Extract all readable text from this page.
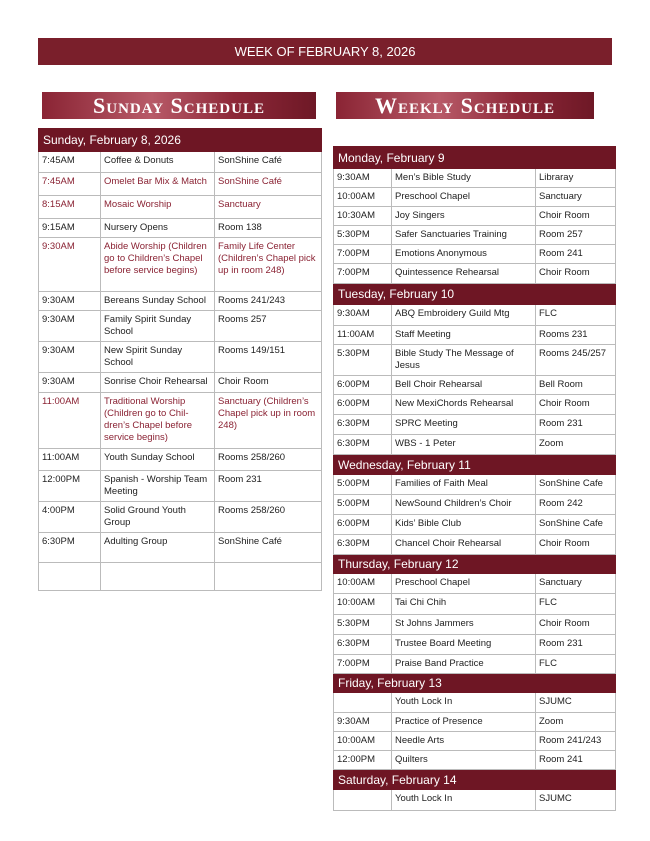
WEEK OF FEBRUARY 8, 2026
Sunday Schedule	Weekly Schedule
Sunday, February 8, 2026		
7:45AM	Coffee & Donuts	SonShine Café
7:45AM	Omelet Bar Mix & Match	SonShine Café
8:15AM	Mosaic Worship	Sanctuary
9:15AM	Nursery Opens	Room 138
9:30AM	Abide Worship (Children go to Children’s Chapel before service begins)	Family Life Center (Children’s Chapel pick up in room 248)
9:30AM	Bereans Sunday School	Rooms 241/243
9:30AM	Family Spirit Sunday School	Rooms 257
9:30AM	New Spirit Sunday School	Rooms 149/151
9:30AM	Sonrise Choir Rehearsal	Choir Room
11:00AM	Traditional Worship (Children go to Chil-dren’s Chapel before service begins)	Sanctuary (Children’s Chapel pick up in room 248)
11:00AM	Youth Sunday School	Rooms 258/260
12:00PM	Spanish - Worship Team Meeting	Room 231
4:00PM	Solid Ground Youth Group	Rooms 258/260
6:30PM	Adulting Group	SonShine Café

Monday, February 9		
9:30AM	Men’s Bible Study	Libraray
10:00AM	Preschool Chapel	Sanctuary
10:30AM	Joy Singers	Choir Room
5:30PM	Safer Sanctuaries Training	Room 257
7:00PM	Emotions Anonymous	Room 241
7:00PM	Quintessence Rehearsal	Choir Room
Tuesday, February 10		
9:30AM	ABQ Embroidery Guild Mtg	FLC
11:00AM	Staff Meeting	Rooms 231
5:30PM	Bible Study The Message of Jesus	Rooms 245/257
6:00PM	Bell Choir Rehearsal	Bell Room
6:00PM	New MexiChords Rehearsal	Choir Room
6:30PM	SPRC Meeting	Room 231
6:30PM	WBS - 1 Peter	Zoom
Wednesday, February 11		
5:00PM	Families of Faith Meal	SonShine Cafe
5:00PM	NewSound Children’s Choir	Room 242
6:00PM	Kids’ Bible Club	SonShine Cafe
6:30PM	Chancel Choir Rehearsal	Choir Room
Thursday, February 12		
10:00AM	Preschool Chapel	Sanctuary
10:00AM	Tai Chi Chih	FLC
5:30PM	St Johns Jammers	Choir Room
6:30PM	Trustee Board Meeting	Room 231
7:00PM	Praise Band Practice	FLC
Friday, February 13		
	Youth Lock In	SJUMC
9:30AM	Practice of Presence	Zoom
10:00AM	Needle Arts	Room 241/243
12:00PM	Quilters	Room 241
Saturday, February 14		
	Youth Lock In	SJUMC
